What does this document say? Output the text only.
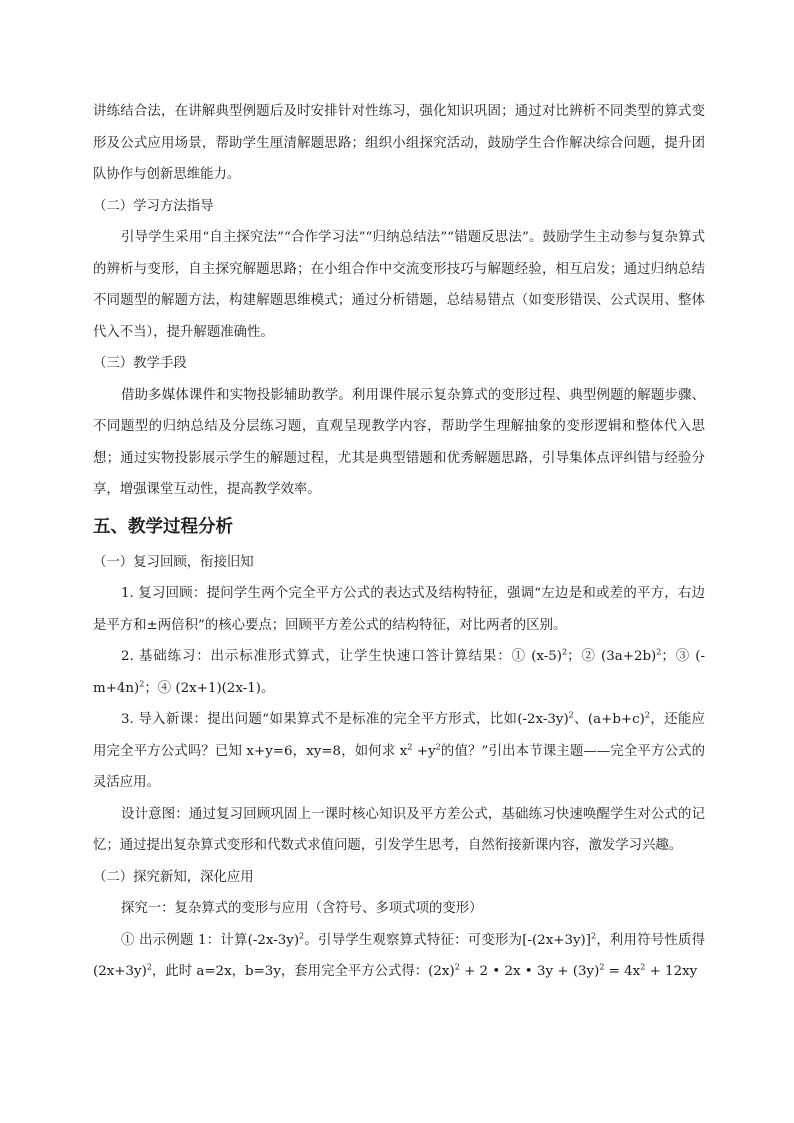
讲练结合法，在讲解典型例题后及时安排针对性练习，强化知识巩固；通过对比辨析不同类型的算式变形及公式应用场景，帮助学生厘清解题思路；组织小组探究活动，鼓励学生合作解决综合问题，提升团队协作与创新思维能力。

（二）学习方法指导

引导学生采用“自主探究法”“合作学习法”“归纳总结法”“错题反思法”。鼓励学生主动参与复杂算式的辨析与变形，自主探究解题思路；在小组合作中交流变形技巧与解题经验，相互启发；通过归纳总结不同题型的解题方法，构建解题思维模式；通过分析错题，总结易错点（如变形错误、公式误用、整体代入不当），提升解题准确性。

（三）教学手段

借助多媒体课件和实物投影辅助教学。利用课件展示复杂算式的变形过程、典型例题的解题步骤、不同题型的归纳总结及分层练习题，直观呈现教学内容，帮助学生理解抽象的变形逻辑和整体代入思想；通过实物投影展示学生的解题过程，尤其是典型错题和优秀解题思路，引导集体点评纠错与经验分享，增强课堂互动性，提高教学效率。

五、教学过程分析

（一）复习回顾，衔接旧知

1. 复习回顾：提问学生两个完全平方公式的表达式及结构特征，强调“左边是和或差的平方，右边是平方和±两倍积”的核心要点；回顾平方差公式的结构特征，对比两者的区别。

2. 基础练习：出示标准形式算式，让学生快速口答计算结果：① $(x-5)^2$；② $(3a+2b)^2$；③ $(-m+4n)^2$；④ (2x+1)(2x-1)。

3. 导入新课：提出问题“如果算式不是标准的完全平方形式，比如$(-2x-3y)^2$、$(a+b+c)^2$，还能应用完全平方公式吗？已知 x+y=6，xy=8，如何求 $x^2 +y^2$的值？”引出本节课主题——完全平方公式的灵活应用。

设计意图：通过复习回顾巩固上一课时核心知识及平方差公式，基础练习快速唤醒学生对公式的记忆；通过提出复杂算式变形和代数式求值问题，引发学生思考，自然衔接新课内容，激发学习兴趣。

（二）探究新知，深化应用

探究一：复杂算式的变形与应用（含符号、多项式项的变形）

① 出示例题 1：计算$(-2x-3y)^2$。引导学生观察算式特征：可变形为$[-(2x+3y)]^2$，利用符号性质得$(2x+3y)^2$，此时 a=2x，b=3y，套用完全平方公式得：$(2x)^2 + 2$ • 2x • $3y + (3y)^2 = 4x^2 + 12xy$
